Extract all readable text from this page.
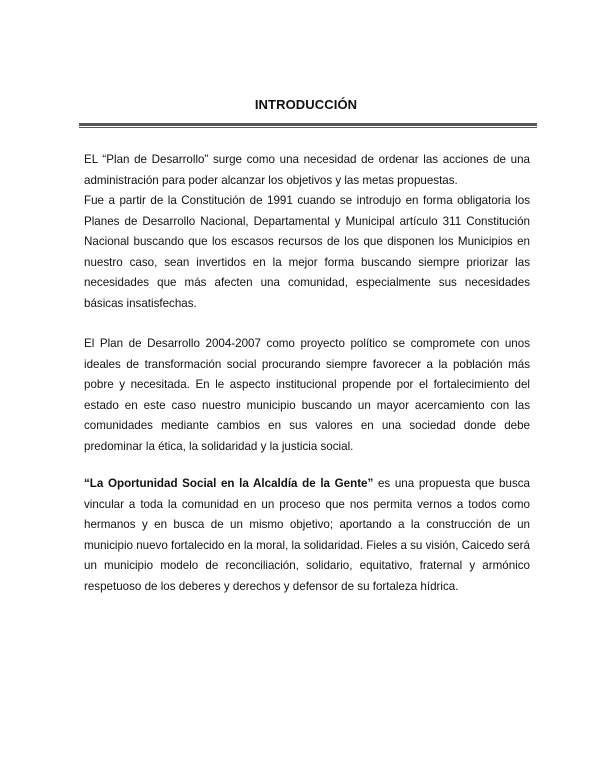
INTRODUCCIÓN

EL “Plan de Desarrollo” surge como una necesidad de ordenar las acciones de una administración para poder alcanzar los objetivos y las metas propuestas.

Fue a partir de la Constitución de 1991 cuando se introdujo en forma obligatoria los Planes de Desarrollo Nacional, Departamental y Municipal artículo 311 Constitución Nacional buscando que los escasos recursos de los que disponen los Municipios en nuestro caso, sean invertidos en la mejor forma buscando siempre priorizar las necesidades que más afecten una comunidad, especialmente sus necesidades básicas insatisfechas.

El Plan de Desarrollo 2004-2007 como proyecto político se compromete con unos ideales de transformación social procurando siempre favorecer a la población más pobre y necesitada. En le aspecto institucional propende por el fortalecimiento del estado en este caso nuestro municipio buscando un mayor acercamiento con las comunidades mediante cambios en sus valores en una sociedad donde debe predominar la ética, la solidaridad y la justicia social.

“La Oportunidad Social en la Alcaldía de la Gente” es una propuesta que busca vincular a toda la comunidad en un proceso que nos permita vernos a todos como hermanos y en busca de un mismo objetivo; aportando a la construcción de un municipio nuevo fortalecido en la moral, la solidaridad. Fieles a su visión, Caicedo será un municipio modelo de reconciliación, solidario, equitativo, fraternal y armónico respetuoso de los deberes y derechos y defensor de su fortaleza hídrica.
